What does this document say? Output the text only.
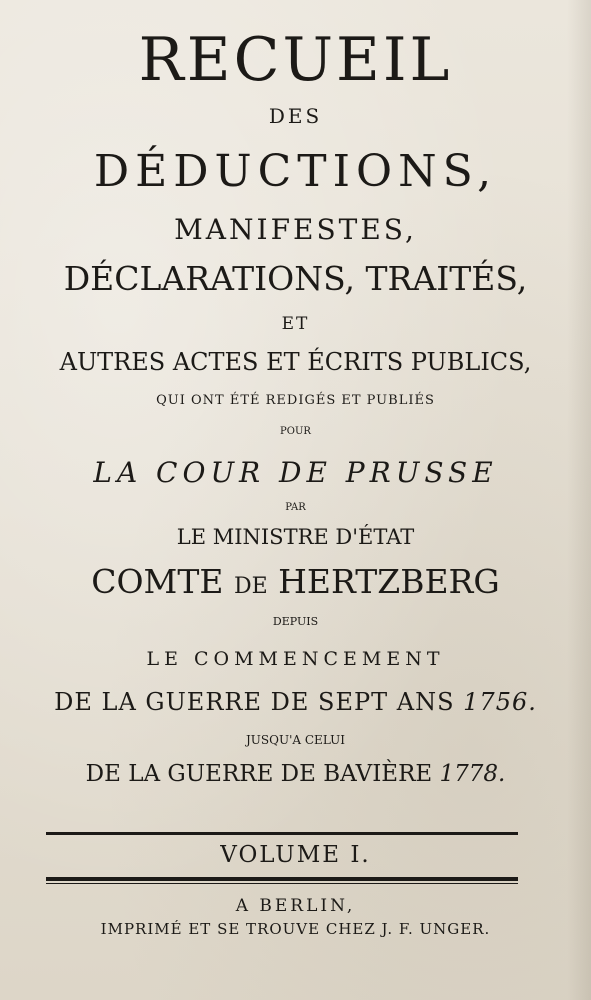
RECUEIL
DES
DÉDUCTIONS,
MANIFESTES,
DÉCLARATIONS, TRAITÉS,
ET
AUTRES ACTES ET ÉCRITS PUBLICS,
QUI ONT ÉTÉ REDIGÉS ET PUBLIÉS
POUR
LA COUR DE PRUSSE
PAR
LE MINISTRE D'ÉTAT
COMTE DE HERTZBERG
DEPUIS
LE COMMENCEMENT
DE LA GUERRE DE SEPT ANS 1756.
JUSQU'A CELUI
DE LA GUERRE DE BAVIÈRE 1778.
VOLUME I.
A BERLIN,
IMPRIMÉ ET SE TROUVE CHEZ J. F. UNGER.
